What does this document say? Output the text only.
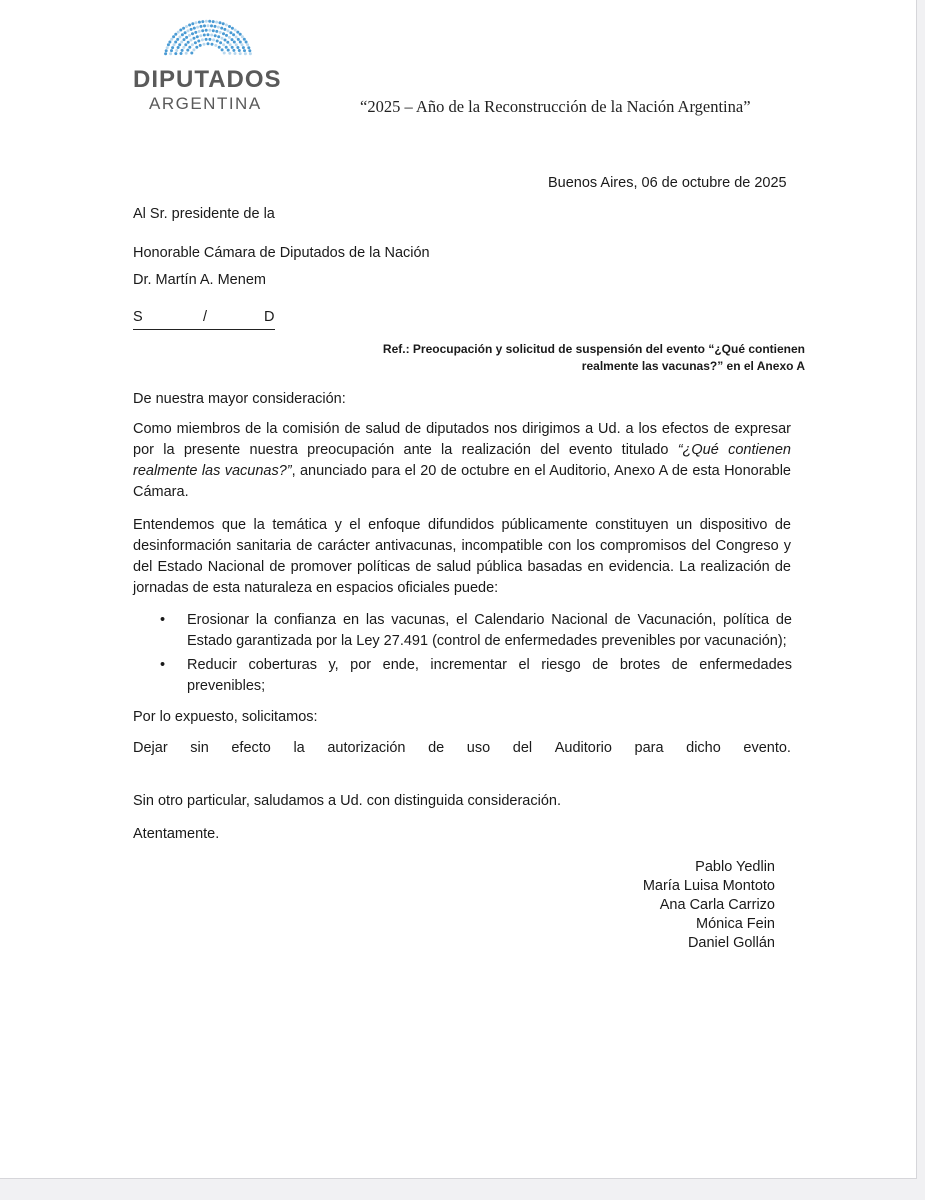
DIPUTADOS
ARGENTINA	“2025 – Año de la Reconstrucción de la Nación Argentina”
Buenos Aires, 06 de octubre de 2025
Al Sr. presidente de la
Honorable Cámara de Diputados de la Nación
Dr. Martín A. Menem
S	/	D
Ref.: Preocupación y solicitud de suspensión del evento “¿Qué contienen
realmente las vacunas?” en el Anexo A
De nuestra mayor consideración:
Como miembros de la comisión de salud de diputados nos dirigimos a Ud. a los efectos de expresar por la presente nuestra preocupación ante la realización del evento titulado “¿Qué contienen realmente las vacunas?”, anunciado para el 20 de octubre en el Auditorio, Anexo A de esta Honorable Cámara.
Entendemos que la temática y el enfoque difundidos públicamente constituyen un dispositivo de desinformación sanitaria de carácter antivacunas, incompatible con los compromisos del Congreso y del Estado Nacional de promover políticas de salud pública basadas en evidencia. La realización de jornadas de esta naturaleza en espacios oficiales puede:
• Erosionar la confianza en las vacunas, el Calendario Nacional de Vacunación, política de Estado garantizada por la Ley 27.491 (control de enfermedades prevenibles por vacunación);
• Reducir coberturas y, por ende, incrementar el riesgo de brotes de enfermedades prevenibles;
Por lo expuesto, solicitamos:
Dejar sin efecto la autorización de uso del Auditorio para dicho evento.
Sin otro particular, saludamos a Ud. con distinguida consideración.
Atentamente.
Pablo Yedlin
María Luisa Montoto
Ana Carla Carrizo
Mónica Fein
Daniel Gollán
